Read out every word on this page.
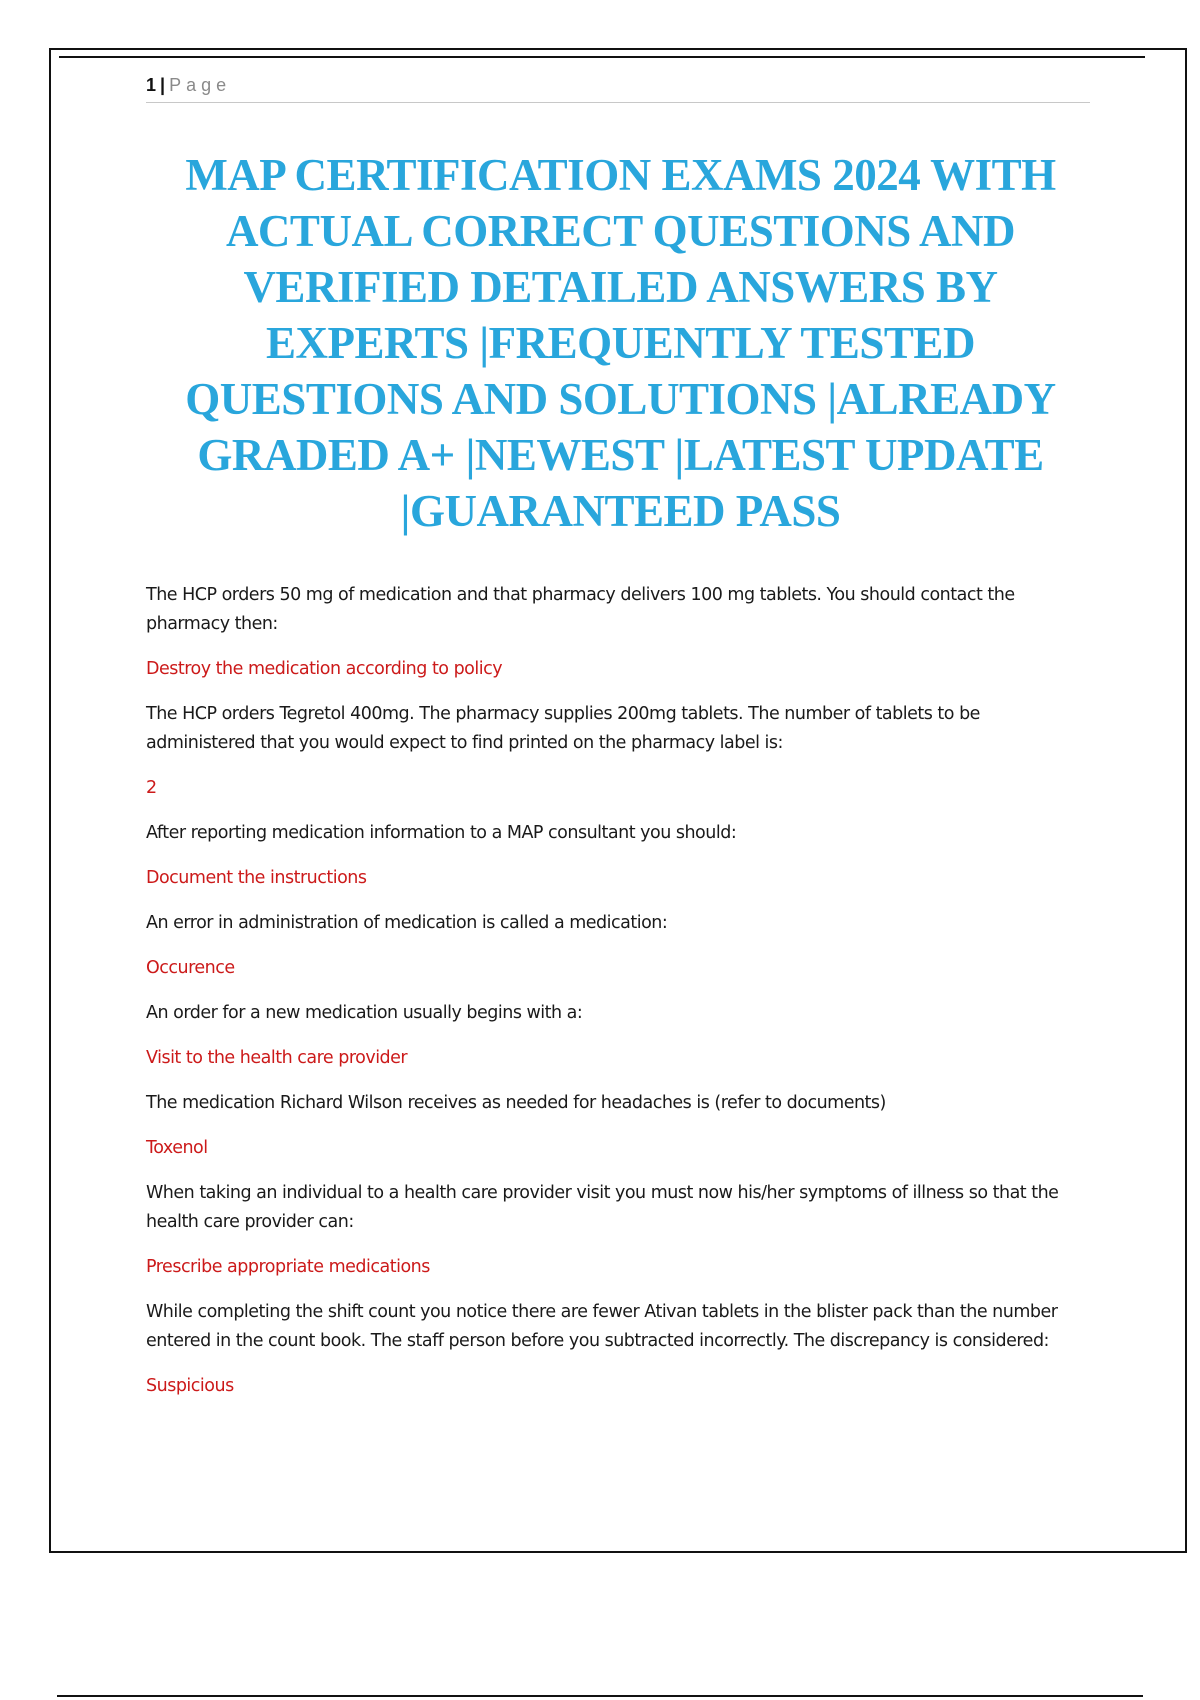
1 | Page
MAP CERTIFICATION EXAMS 2024 WITH ACTUAL CORRECT QUESTIONS AND VERIFIED DETAILED ANSWERS BY EXPERTS |FREQUENTLY TESTED QUESTIONS AND SOLUTIONS |ALREADY GRADED A+ |NEWEST |LATEST UPDATE |GUARANTEED PASS

The HCP orders 50 mg of medication and that pharmacy delivers 100 mg tablets. You should contact the pharmacy then:

Destroy the medication according to policy

The HCP orders Tegretol 400mg. The pharmacy supplies 200mg tablets. The number of tablets to be administered that you would expect to find printed on the pharmacy label is:

2

After reporting medication information to a MAP consultant you should:

Document the instructions

An error in administration of medication is called a medication:

Occurence

An order for a new medication usually begins with a:

Visit to the health care provider

The medication Richard Wilson receives as needed for headaches is (refer to documents)

Toxenol

When taking an individual to a health care provider visit you must now his/her symptoms of illness so that the health care provider can:

Prescribe appropriate medications

While completing the shift count you notice there are fewer Ativan tablets in the blister pack than the number entered in the count book. The staff person before you subtracted incorrectly. The discrepancy is considered:

Suspicious
